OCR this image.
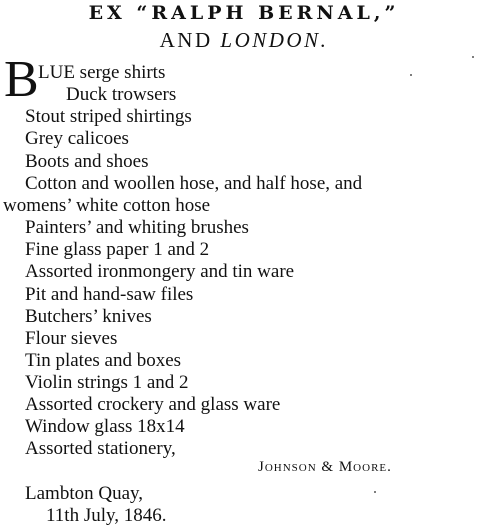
EX “RALPH BERNAL,”
AND LONDON.
B LUE serge shirts
Duck trowsers
Stout striped shirtings
Grey calicoes
Boots and shoes
Cotton and woollen hose, and half hose, and
womens’ white cotton hose
Painters’ and whiting brushes
Fine glass paper 1 and 2
Assorted ironmongery and tin ware
Pit and hand-saw files
Butchers’ knives
Flour sieves
Tin plates and boxes
Violin strings 1 and 2
Assorted crockery and glass ware
Window glass 18x14
Assorted stationery,
Johnson & Moore.
Lambton Quay,
11th July, 1846.
